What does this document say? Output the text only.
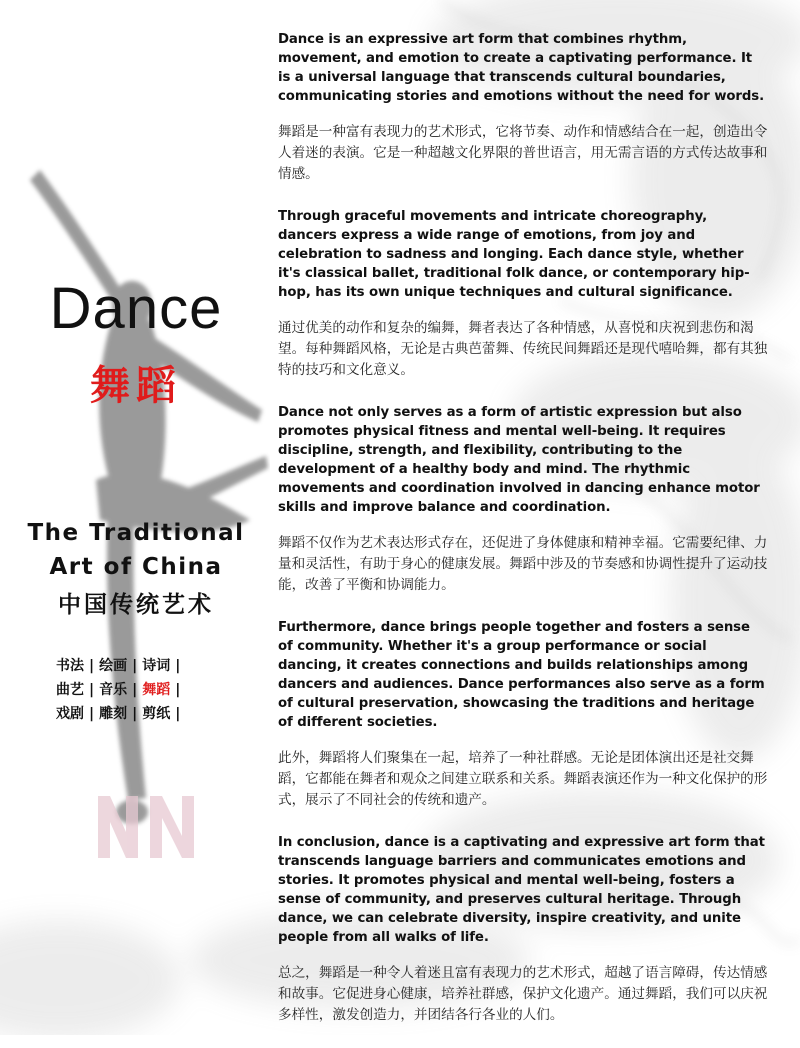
Dance
舞蹈
The Traditional
Art of China
中国传统艺术
书法 | 绘画 | 诗词 |
曲艺 | 音乐 | 舞蹈 |
戏剧 | 雕刻 | 剪纸 |

Dance is an expressive art form that combines rhythm, movement, and emotion to create a captivating performance. It is a universal language that transcends cultural boundaries, communicating stories and emotions without the need for words.

舞蹈是一种富有表现力的艺术形式，它将节奏、动作和情感结合在一起，创造出令人着迷的表演。它是一种超越文化界限的普世语言，用无需言语的方式传达故事和情感。

Through graceful movements and intricate choreography, dancers express a wide range of emotions, from joy and celebration to sadness and longing. Each dance style, whether it's classical ballet, traditional folk dance, or contemporary hip-hop, has its own unique techniques and cultural significance.

通过优美的动作和复杂的编舞，舞者表达了各种情感，从喜悦和庆祝到悲伤和渴望。每种舞蹈风格，无论是古典芭蕾舞、传统民间舞蹈还是现代嘻哈舞，都有其独特的技巧和文化意义。

Dance not only serves as a form of artistic expression but also promotes physical fitness and mental well-being. It requires discipline, strength, and flexibility, contributing to the development of a healthy body and mind. The rhythmic movements and coordination involved in dancing enhance motor skills and improve balance and coordination.

舞蹈不仅作为艺术表达形式存在，还促进了身体健康和精神幸福。它需要纪律、力量和灵活性，有助于身心的健康发展。舞蹈中涉及的节奏感和协调性提升了运动技能，改善了平衡和协调能力。

Furthermore, dance brings people together and fosters a sense of community. Whether it's a group performance or social dancing, it creates connections and builds relationships among dancers and audiences. Dance performances also serve as a form of cultural preservation, showcasing the traditions and heritage of different societies.

此外，舞蹈将人们聚集在一起，培养了一种社群感。无论是团体演出还是社交舞蹈，它都能在舞者和观众之间建立联系和关系。舞蹈表演还作为一种文化保护的形式，展示了不同社会的传统和遗产。

In conclusion, dance is a captivating and expressive art form that transcends language barriers and communicates emotions and stories. It promotes physical and mental well-being, fosters a sense of community, and preserves cultural heritage. Through dance, we can celebrate diversity, inspire creativity, and unite people from all walks of life.

总之，舞蹈是一种令人着迷且富有表现力的艺术形式，超越了语言障碍，传达情感和故事。它促进身心健康，培养社群感，保护文化遗产。通过舞蹈，我们可以庆祝多样性，激发创造力，并团结各行各业的人们。
